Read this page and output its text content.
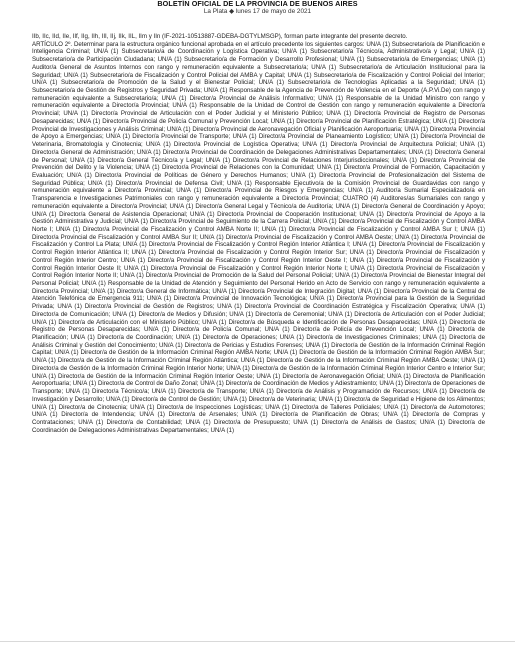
BOLETÍN OFICIAL DE LA PROVINCIA DE BUENOS AIRES
La Plata ◆ lunes 17 de mayo de 2021

IIb, IIc, IId, IIe, IIf, IIg, IIh, III, IIj, IIk, IIL, IIm y IIn (IF-2021-10513887-GDEBA-DGTYLMSGP), forman parte integrante del presente decreto.

ARTÍCULO 2º. Determinar para la estructura orgánico funcional aprobada en el artículo precedente los siguientes cargos: UN/A (1) Subsecretario/a de Planificación e Inteligencia Criminal; UN/A (1) Subsecretario/a de Coordinación y Logística Operativa; UN/A (1) Subsecretario/a Técnico/a, Administrativo/a y Legal; UN/A (1) Subsecretario/a de Participación Ciudadana; UN/A (1) Subsecretario/a de Formación y Desarrollo Profesional; UN/A (1) Subsecretario/a de Emergencias; UN/A (1) Auditor/a General de Asuntos Internos con rango y remuneración equivalente a Subsecretario/a; UN/A (1) Subsecretario/a de Articulación Institucional para la Seguridad; UN/A (1) Subsecretario/a de Fiscalización y Control Policial del AMBA y Capital; UN/A (1) Subsecretario/a de Fiscalización y Control Policial del Interior; UN/A (1) Subsecretario/a de Promoción de la Salud y el Bienestar Policial; UN/A (1) Subsecretario/a de Tecnologías Aplicadas a la Seguridad; UN/A (1) Subsecretario/a de Gestión de Registros y Seguridad Privada; UN/A (1) Responsable de la Agencia de Prevención de Violencia en el Deporte (A.P.Vi.De) con rango y remuneración equivalente a Subsecretario/a; UN/A (1) Director/a Provincial de Análisis Informativo; UN/A (1) Responsable de la Unidad Ministro con rango y remuneración equivalente a Director/a Provincial; UN/A (1) Responsable de la Unidad de Control de Gestión con rango y remuneración equivalente a Director/a Provincial; UN/A (1) Director/a Provincial de Articulación con el Poder Judicial y el Ministerio Público; UN/A (1) Director/a Provincial de Registro de Personas Desaparecidas; UN/A (1) Director/a Provincial de Policía Comunal y Prevención Local; UN/A (1) Director/a Provincial de Planificación Estratégica; UN/A (1) Director/a Provincial de Investigaciones y Análisis Criminal; UN/A (1) Director/a Provincial de Aeronavegación Oficial y Planificación Aeroportuaria; UN/A (1) Director/a Provincial de Apoyo a Emergencias; UN/A (1) Director/a Provincial de Transporte; UN/A (1) Director/a Provincial de Planeamiento Logístico; UN/A (1) Director/a Provincial de Veterinaria, Bromatología y Cinotecnia; UN/A (1) Director/a Provincial de Logística Operativa; UN/A (1) Director/a Provincial de Arquitectura Policial; UN/A (1) Director/a General de Administración; UN/A (1) Director/a Provincial de Coordinación de Delegaciones Administrativas Departamentales; UN/A (1) Director/a General de Personal; UN/A (1) Director/a General Técnico/a y Legal; UN/A (1) Director/a Provincial de Relaciones Interjurisdiccionales; UN/A (1) Director/a Provincial de Prevención del Delito y la Violencia; UN/A (1) Director/a Provincial de Relaciones con la Comunidad; UN/A (1) Director/a Provincial de Formación, Capacitación y Evaluación; UN/A (1) Director/a Provincial de Políticas de Género y Derechos Humanos; UN/A (1) Director/a Provincial de Profesionalización del Sistema de Seguridad Pública; UN/A (1) Director/a Provincial de Defensa Civil; UN/A (1) Responsable Ejecutivo/a de la Comisión Provincial de Guardavidas con rango y remuneración equivalente a Director/a Provincial; UN/A (1) Director/a Provincial de Riesgos y Emergencias; UN/A (1) Auditor/a Sumarial Especializado/a en Transparencia e Investigaciones Patrimoniales con rango y remuneración equivalente a Director/a Provincial; CUATRO (4) Auditores/as Sumariales con rango y remuneración equivalente a Director/a Provincial; UN/A (1) Director/a General Legal y Técnico/a de Auditoría; UN/A (1) Director/a General de Coordinación y Apoyo; UN/A (1) Director/a General de Asistencia Operacional; UN/A (1) Director/a Provincial de Cooperación Institucional; UN/A (1) Director/a Provincial de Apoyo a la Gestión Administrativa y Judicial; UN/A (1) Director/a Provincial de Seguimiento de la Carrera Policial; UN/A (1) Director/a Provincial de Fiscalización y Control AMBA Norte I; UN/A (1) Director/a Provincial de Fiscalización y Control AMBA Norte II; UN/A (1) Director/a Provincial de Fiscalización y Control AMBA Sur I; UN/A (1) Director/a Provincial de Fiscalización y Control AMBA Sur II; UN/A (1) Director/a Provincial de Fiscalización y Control AMBA Oeste; UN/A (1) Director/a Provincial de Fiscalización y Control La Plata; UN/A (1) Director/a Provincial de Fiscalización y Control Región Interior Atlántica I; UN/A (1) Director/a Provincial de Fiscalización y Control Región Interior Atlántica II; UN/A (1) Director/a Provincial de Fiscalización y Control Región Interior Sur; UN/A (1) Director/a Provincial de Fiscalización y Control Región Interior Centro; UN/A (1) Director/a Provincial de Fiscalización y Control Región Interior Oeste I; UN/A (1) Director/a Provincial de Fiscalización y Control Región Interior Oeste II; UN/A (1) Director/a Provincial de Fiscalización y Control Región Interior Norte I; UN/A (1) Director/a Provincial de Fiscalización y Control Región Interior Norte II; UN/A (1) Director/a Provincial de Promoción de la Salud del Personal Policial; UN/A (1) Director/a Provincial de Bienestar Integral del Personal Policial; UN/A (1) Responsable de la Unidad de Atención y Seguimiento del Personal Herido en Acto de Servicio con rango y remuneración equivalente a Director/a Provincial; UN/A (1) Director/a General de Informática; UN/A (1) Director/a Provincial de Integración Digital; UN/A (1) Director/a Provincial de la Central de Atención Telefónica de Emergencia 911; UN/A (1) Director/a Provincial de Innovación Tecnológica; UN/A (1) Director/a Provincial para la Gestión de la Seguridad Privada; UN/A (1) Director/a Provincial de Gestión de Registros; UN/A (1) Director/a Provincial de Coordinación Estratégica y Fiscalización Operativa; UN/A (1) Director/a de Comunicación; UN/A (1) Director/a de Medios y Difusión; UN/A (1) Director/a de Ceremonial; UN/A (1) Director/a de Articulación con el Poder Judicial; UN/A (1) Director/a de Articulación con el Ministerio Público; UN/A (1) Director/a de Búsqueda e Identificación de Personas Desaparecidas; UN/A (1) Director/a de Registro de Personas Desaparecidas; UN/A (1) Director/a de Policía Comunal; UN/A (1) Director/a de Policía de Prevención Local; UN/A (1) Director/a de Planificación; UN/A (1) Director/a de Coordinación; UN/A (1) Director/a de Operaciones; UN/A (1) Director/a de Investigaciones Criminales; UN/A (1) Director/a de Análisis Criminal y Gestión del Conocimiento; UN/A (1) Director/a de Pericias y Estudios Forenses; UN/A (1) Director/a de Gestión de la Información Criminal Región Capital; UN/A (1) Director/a de Gestión de la Información Criminal Región AMBA Norte; UN/A (1) Director/a de Gestión de la Información Criminal Región AMBA Sur; UN/A (1) Director/a de Gestión de la Información Criminal Región Atlántica; UN/A (1) Director/a de Gestión de la Información Criminal Región AMBA Oeste; UN/A (1) Director/a de Gestión de la Información Criminal Región Interior Norte; UN/A (1) Director/a de Gestión de la Información Criminal Región Interior Centro e Interior Sur; UN/A (1) Director/a de Gestión de la Información Criminal Región Interior Oeste; UN/A (1) Director/a de Aeronavegación Oficial; UN/A (1) Director/a de Planificación Aeroportuaria; UN/A (1) Director/a de Control de Daño Zonal; UN/A (1) Director/a de Coordinación de Medios y Adiestramiento; UN/A (1) Director/a de Operaciones de Transporte; UN/A (1) Director/a Técnico/a; UN/A (1) Director/a de Transporte; UN/A (1) Director/a de Análisis y Programación de Recursos; UN/A (1) Director/a de Investigación y Desarrollo; UN/A (1) Director/a de Control de Gestión; UN/A (1) Director/a de Veterinaria; UN/A (1) Director/a de Seguridad e Higiene de los Alimentos; UN/A (1) Director/a de Cinotecnia; UN/A (1) Director/a de Inspecciones Logísticas; UN/A (1) Director/a de Talleres Policiales; UN/A (1) Director/a de Automotores; UN/A (1) Director/a de Intendencia; UN/A (1) Director/a de Arsenales; UN/A (1) Director/a de Planificación de Obras; UN/A (1) Director/a de Compras y Contrataciones; UN/A (1) Director/a de Contabilidad; UN/A (1) Director/a de Presupuesto; UN/A (1) Director/a de Análisis de Gastos; UN/A (1) Director/a de Coordinación de Delegaciones Administrativas Departamentales; UN/A (1)
